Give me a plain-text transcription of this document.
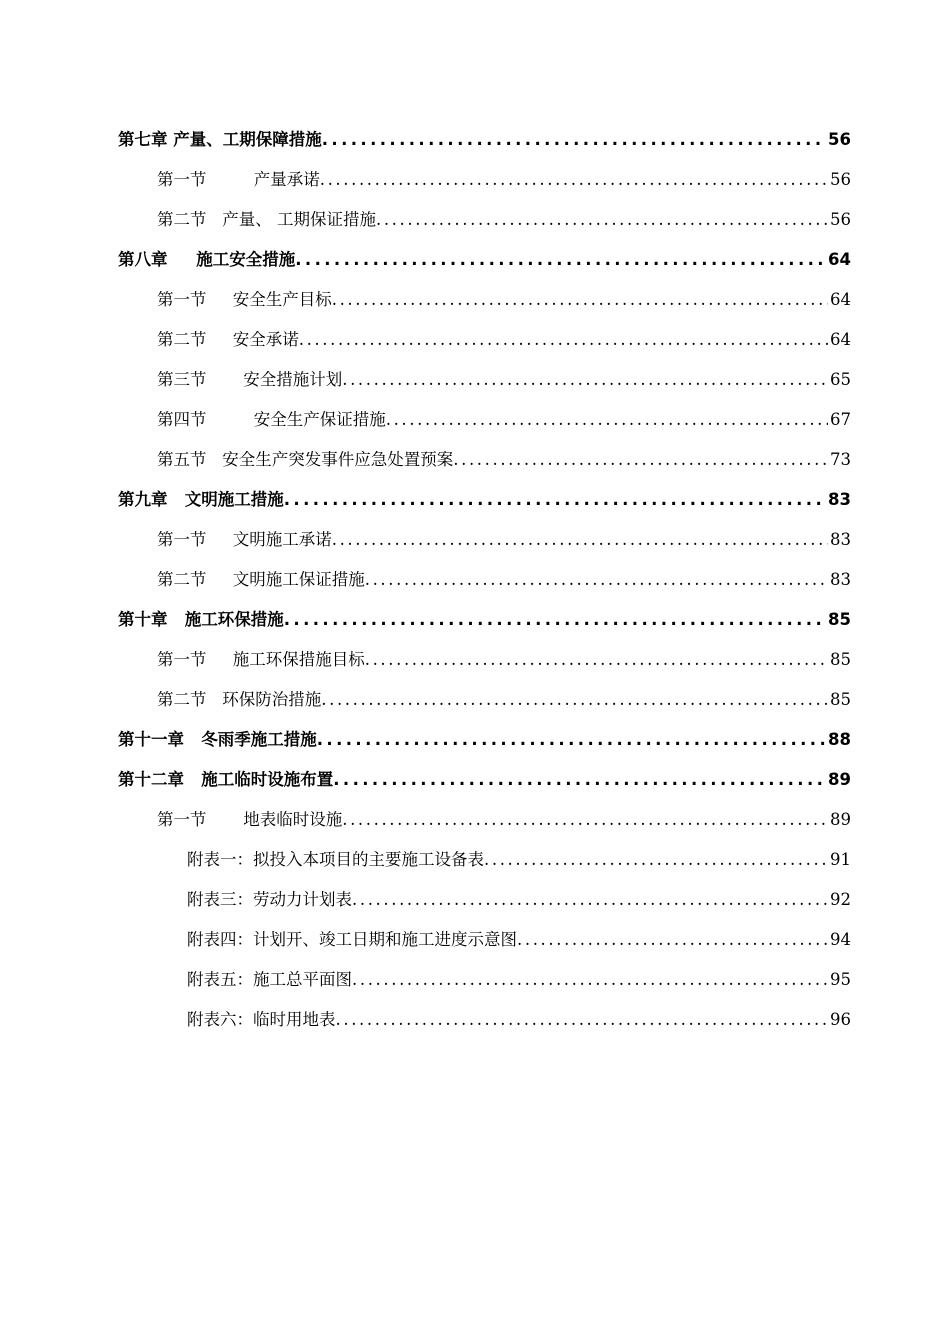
第七章 产量、工期保障措施 .....	56
第一节         产量承诺 .....	56
第二节   产量、 工期保证措施 .....	56
第八章     施工安全措施 .....	64
第一节     安全生产目标 .....	64
第二节     安全承诺 .....	64
第三节       安全措施计划 .....	65
第四节         安全生产保证措施 .....	67
第五节   安全生产突发事件应急处置预案 .....	73
第九章   文明施工措施 .....	83
第一节     文明施工承诺 .....	83
第二节     文明施工保证措施 .....	83
第十章   施工环保措施 .....	85
第一节     施工环保措施目标 .....	85
第二节   环保防治措施 .....	85
第十一章   冬雨季施工措施 .....	88
第十二章   施工临时设施布置 .....	89
第一节       地表临时设施 .....	89
附表一：拟投入本项目的主要施工设备表 .....	91
附表三：劳动力计划表 .....	92
附表四：计划开、竣工日期和施工进度示意图 .....	94
附表五：施工总平面图 .....	95
附表六：临时用地表 .....	96
